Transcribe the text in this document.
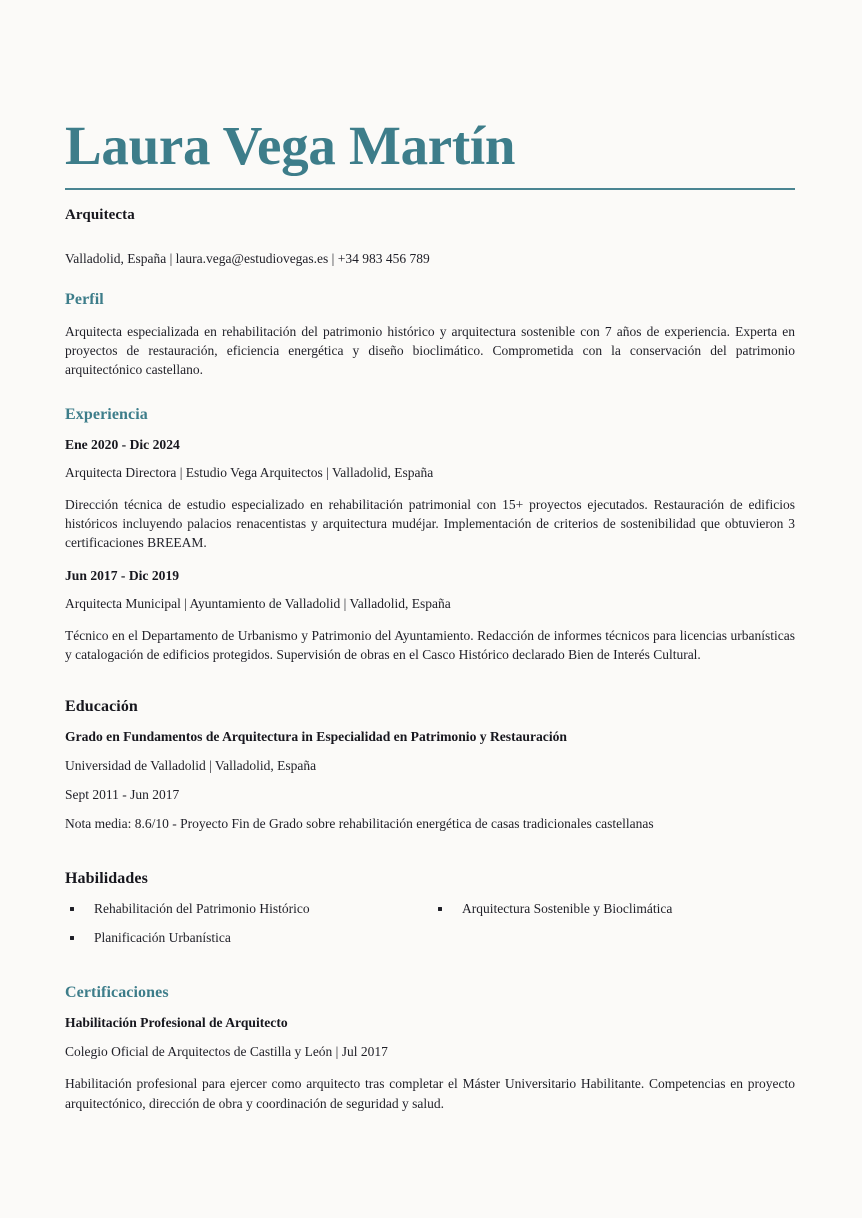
Laura Vega Martín
Arquitecta
Valladolid, España | laura.vega@estudiovegas.es | +34 983 456 789
Perfil

Arquitecta especializada en rehabilitación del patrimonio histórico y arquitectura sostenible con 7 años de experiencia. Experta en proyectos de restauración, eficiencia energética y diseño bioclimático. Comprometida con la conservación del patrimonio arquitectónico castellano.

Experiencia
Ene 2020 - Dic 2024
Arquitecta Directora | Estudio Vega Arquitectos | Valladolid, España

Dirección técnica de estudio especializado en rehabilitación patrimonial con 15+ proyectos ejecutados. Restauración de edificios históricos incluyendo palacios renacentistas y arquitectura mudéjar. Implementación de criterios de sostenibilidad que obtuvieron 3 certificaciones BREEAM.

Jun 2017 - Dic 2019
Arquitecta Municipal | Ayuntamiento de Valladolid | Valladolid, España

Técnico en el Departamento de Urbanismo y Patrimonio del Ayuntamiento. Redacción de informes técnicos para licencias urbanísticas y catalogación de edificios protegidos. Supervisión de obras en el Casco Histórico declarado Bien de Interés Cultural.

Educación
Grado en Fundamentos de Arquitectura in Especialidad en Patrimonio y Restauración
Universidad de Valladolid | Valladolid, España
Sept 2011 - Jun 2017
Nota media: 8.6/10 - Proyecto Fin de Grado sobre rehabilitación energética de casas tradicionales castellanas
Habilidades
Rehabilitación del Patrimonio Histórico	Arquitectura Sostenible y Bioclimática
Planificación Urbanística
Certificaciones
Habilitación Profesional de Arquitecto
Colegio Oficial de Arquitectos de Castilla y León | Jul 2017

Habilitación profesional para ejercer como arquitecto tras completar el Máster Universitario Habilitante. Competencias en proyecto arquitectónico, dirección de obra y coordinación de seguridad y salud.
